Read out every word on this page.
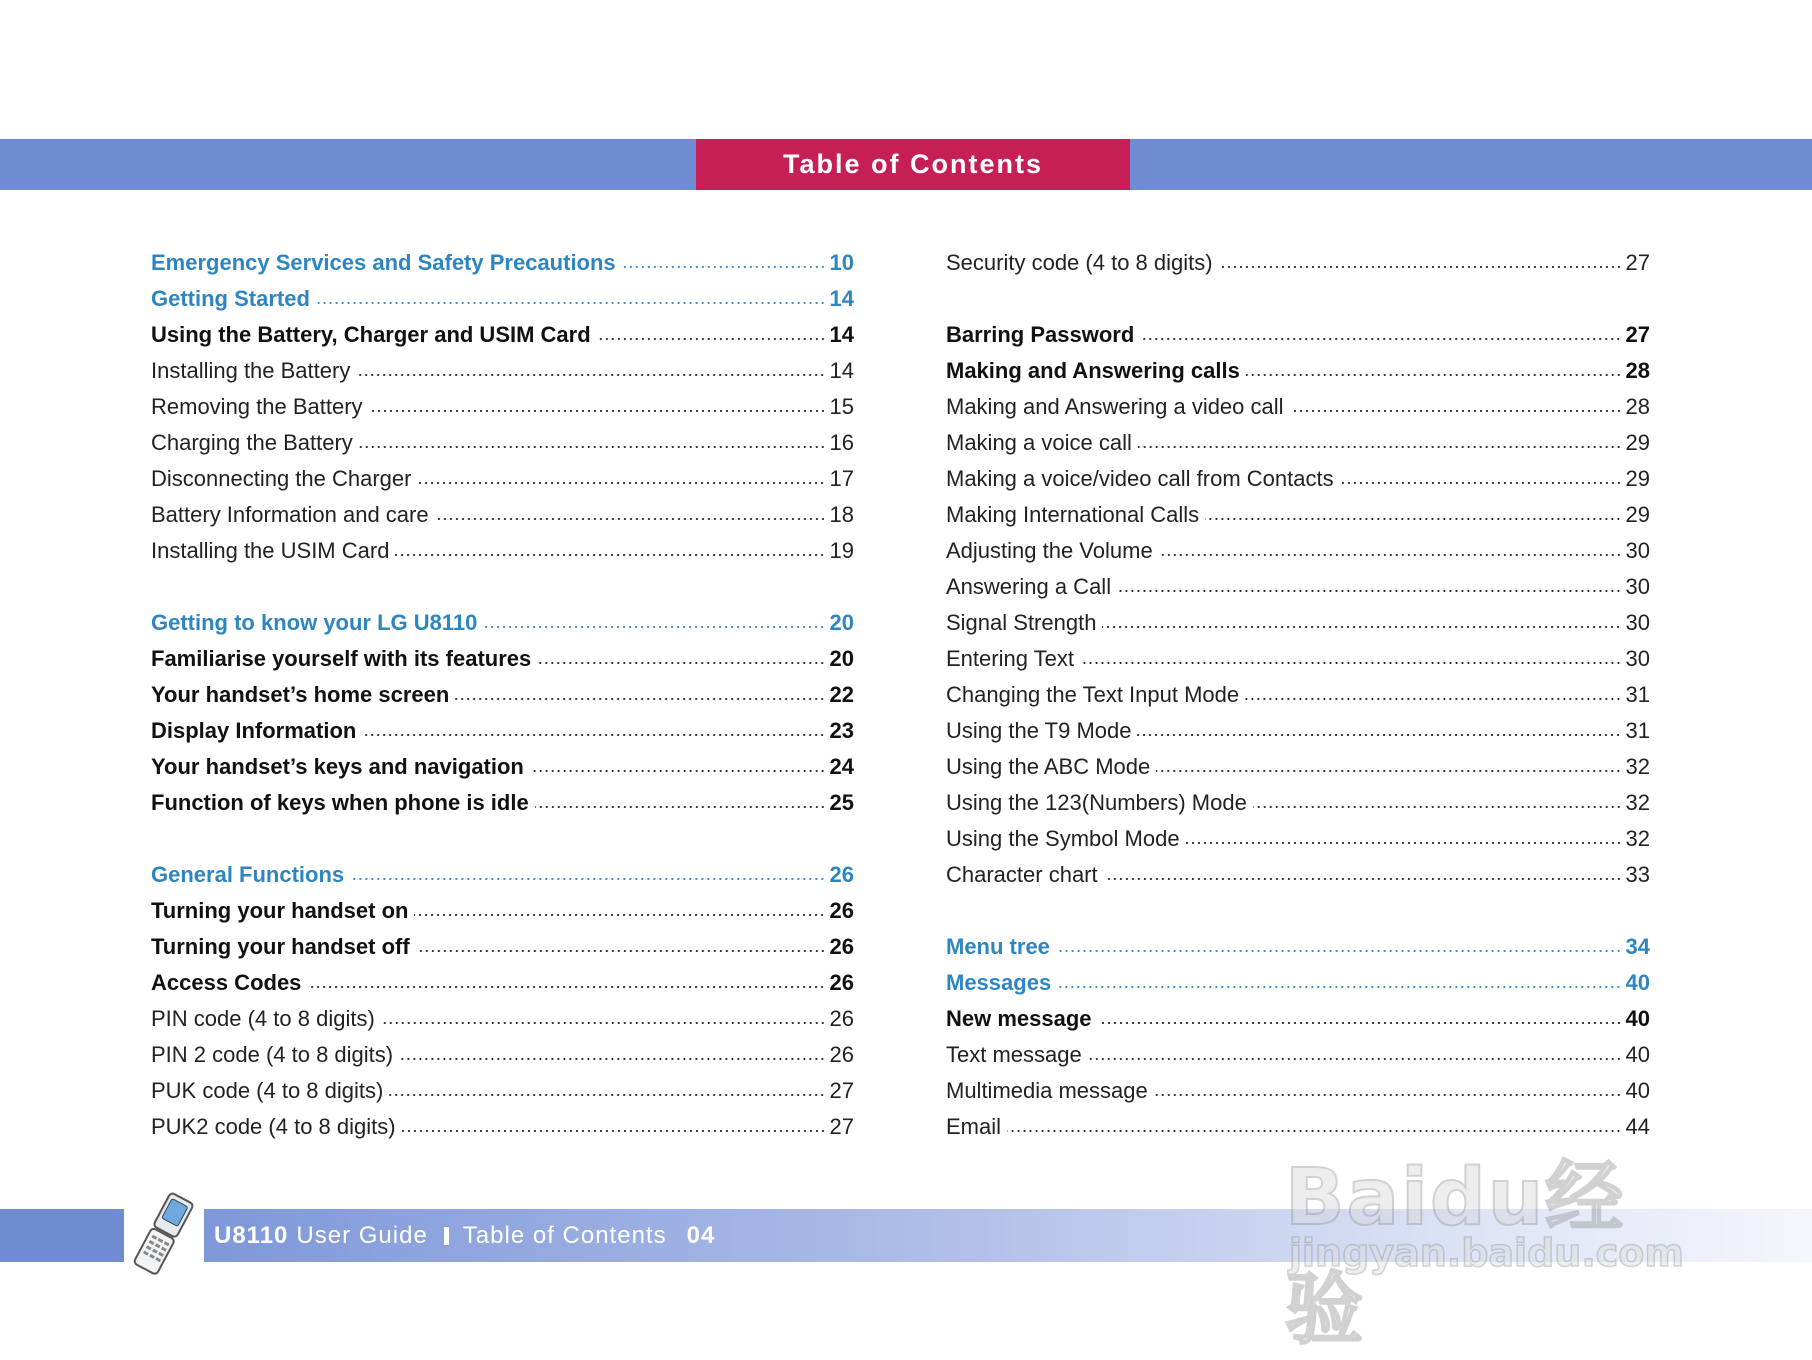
Table of Contents
Emergency Services and Safety Precautions	10
Getting Started	14
Using the Battery, Charger and USIM Card	14
Installing the Battery	14
Removing the Battery	15
Charging the Battery	16
Disconnecting the Charger	17
Battery Information and care	18
Installing the USIM Card	19
Getting to know your LG U8110	20
Familiarise yourself with its features	20
Your handset’s home screen	22
Display Information	23
Your handset’s keys and navigation	24
Function of keys when phone is idle	25
General Functions	26
Turning your handset on	26
Turning your handset off	26
Access Codes	26
PIN code (4 to 8 digits)	26
PIN 2 code (4 to 8 digits)	26
PUK code (4 to 8 digits)	27
PUK2 code (4 to 8 digits)	27
Security code (4 to 8 digits)	27
Barring Password	27
Making and Answering calls	28
Making and Answering a video call	28
Making a voice call	29
Making a voice/video call from Contacts	29
Making International Calls	29
Adjusting the Volume	30
Answering a Call	30
Signal Strength	30
Entering Text	30
Changing the Text Input Mode	31
Using the T9 Mode	31
Using the ABC Mode	32
Using the 123(Numbers) Mode	32
Using the Symbol Mode	32
Character chart	33
Menu tree	34
Messages	40
New message	40
Text message	40
Multimedia message	40
Email	44
U8110 User Guide Table of Contents 04	Baidu经验
jingyan.baidu.com
